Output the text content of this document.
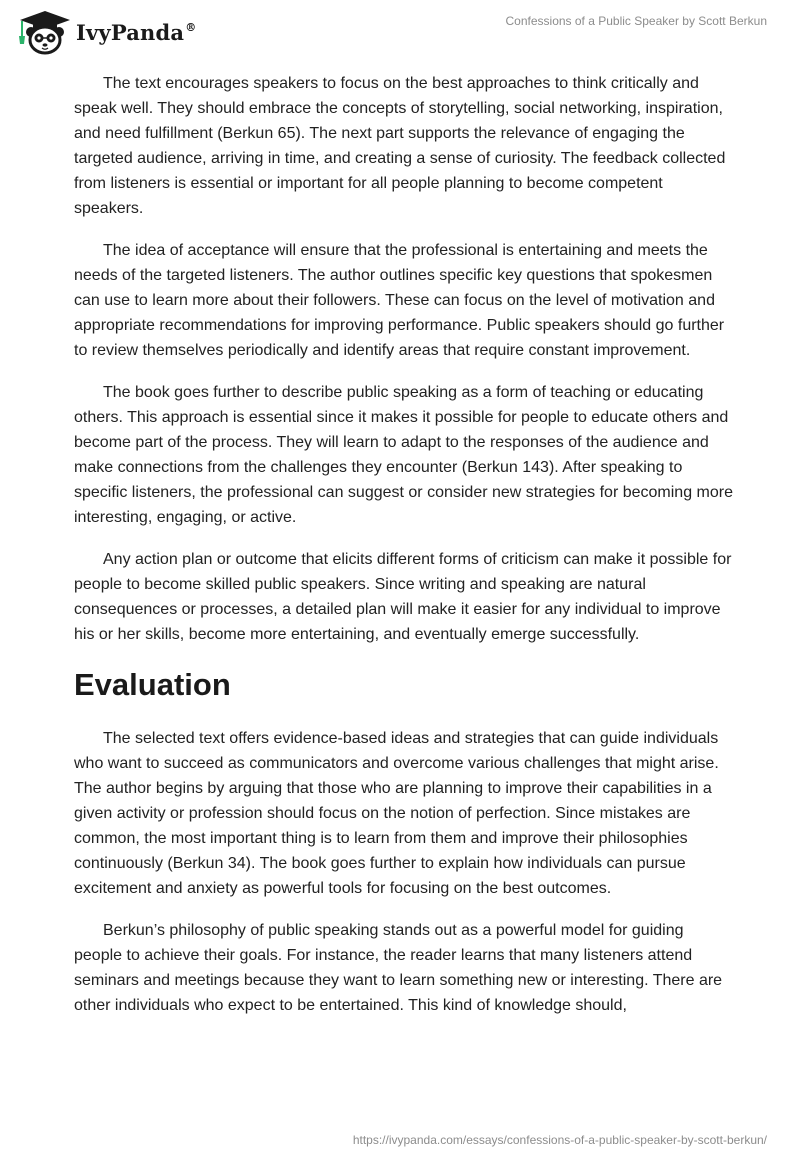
IvyPanda®	Confessions of a Public Speaker by Scott Berkun

The text encourages speakers to focus on the best approaches to think critically and speak well. They should embrace the concepts of storytelling, social networking, inspiration, and need fulfillment (Berkun 65). The next part supports the relevance of engaging the targeted audience, arriving in time, and creating a sense of curiosity. The feedback collected from listeners is essential or important for all people planning to become competent speakers.

The idea of acceptance will ensure that the professional is entertaining and meets the needs of the targeted listeners. The author outlines specific key questions that spokesmen can use to learn more about their followers. These can focus on the level of motivation and appropriate recommendations for improving performance. Public speakers should go further to review themselves periodically and identify areas that require constant improvement.

The book goes further to describe public speaking as a form of teaching or educating others. This approach is essential since it makes it possible for people to educate others and become part of the process. They will learn to adapt to the responses of the audience and make connections from the challenges they encounter (Berkun 143). After speaking to specific listeners, the professional can suggest or consider new strategies for becoming more interesting, engaging, or active.

Any action plan or outcome that elicits different forms of criticism can make it possible for people to become skilled public speakers. Since writing and speaking are natural consequences or processes, a detailed plan will make it easier for any individual to improve his or her skills, become more entertaining, and eventually emerge successfully.

Evaluation

The selected text offers evidence-based ideas and strategies that can guide individuals who want to succeed as communicators and overcome various challenges that might arise. The author begins by arguing that those who are planning to improve their capabilities in a given activity or profession should focus on the notion of perfection. Since mistakes are common, the most important thing is to learn from them and improve their philosophies continuously (Berkun 34). The book goes further to explain how individuals can pursue excitement and anxiety as powerful tools for focusing on the best outcomes.

Berkun’s philosophy of public speaking stands out as a powerful model for guiding people to achieve their goals. For instance, the reader learns that many listeners attend seminars and meetings because they want to learn something new or interesting. There are other individuals who expect to be entertained. This kind of knowledge should,

https://ivypanda.com/essays/confessions-of-a-public-speaker-by-scott-berkun/
